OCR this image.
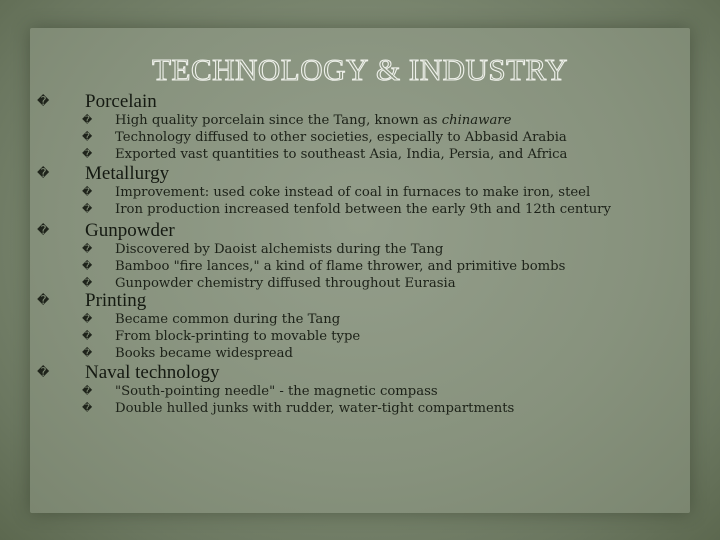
TECHNOLOGY & INDUSTRY
� Porcelain
� High quality porcelain since the Tang, known as chinaware
� Technology diffused to other societies, especially to Abbasid Arabia
� Exported vast quantities to southeast Asia, India, Persia, and Africa
� Metallurgy
� Improvement: used coke instead of coal in furnaces to make iron, steel
� Iron production increased tenfold between the early 9th and 12th century
� Gunpowder
� Discovered by Daoist alchemists during the Tang
� Bamboo "fire lances," a kind of flame thrower, and primitive bombs
� Gunpowder chemistry diffused throughout Eurasia
� Printing
� Became common during the Tang
� From block-printing to movable type
� Books became widespread
� Naval technology
� "South-pointing needle" - the magnetic compass
� Double hulled junks with rudder, water-tight compartments
